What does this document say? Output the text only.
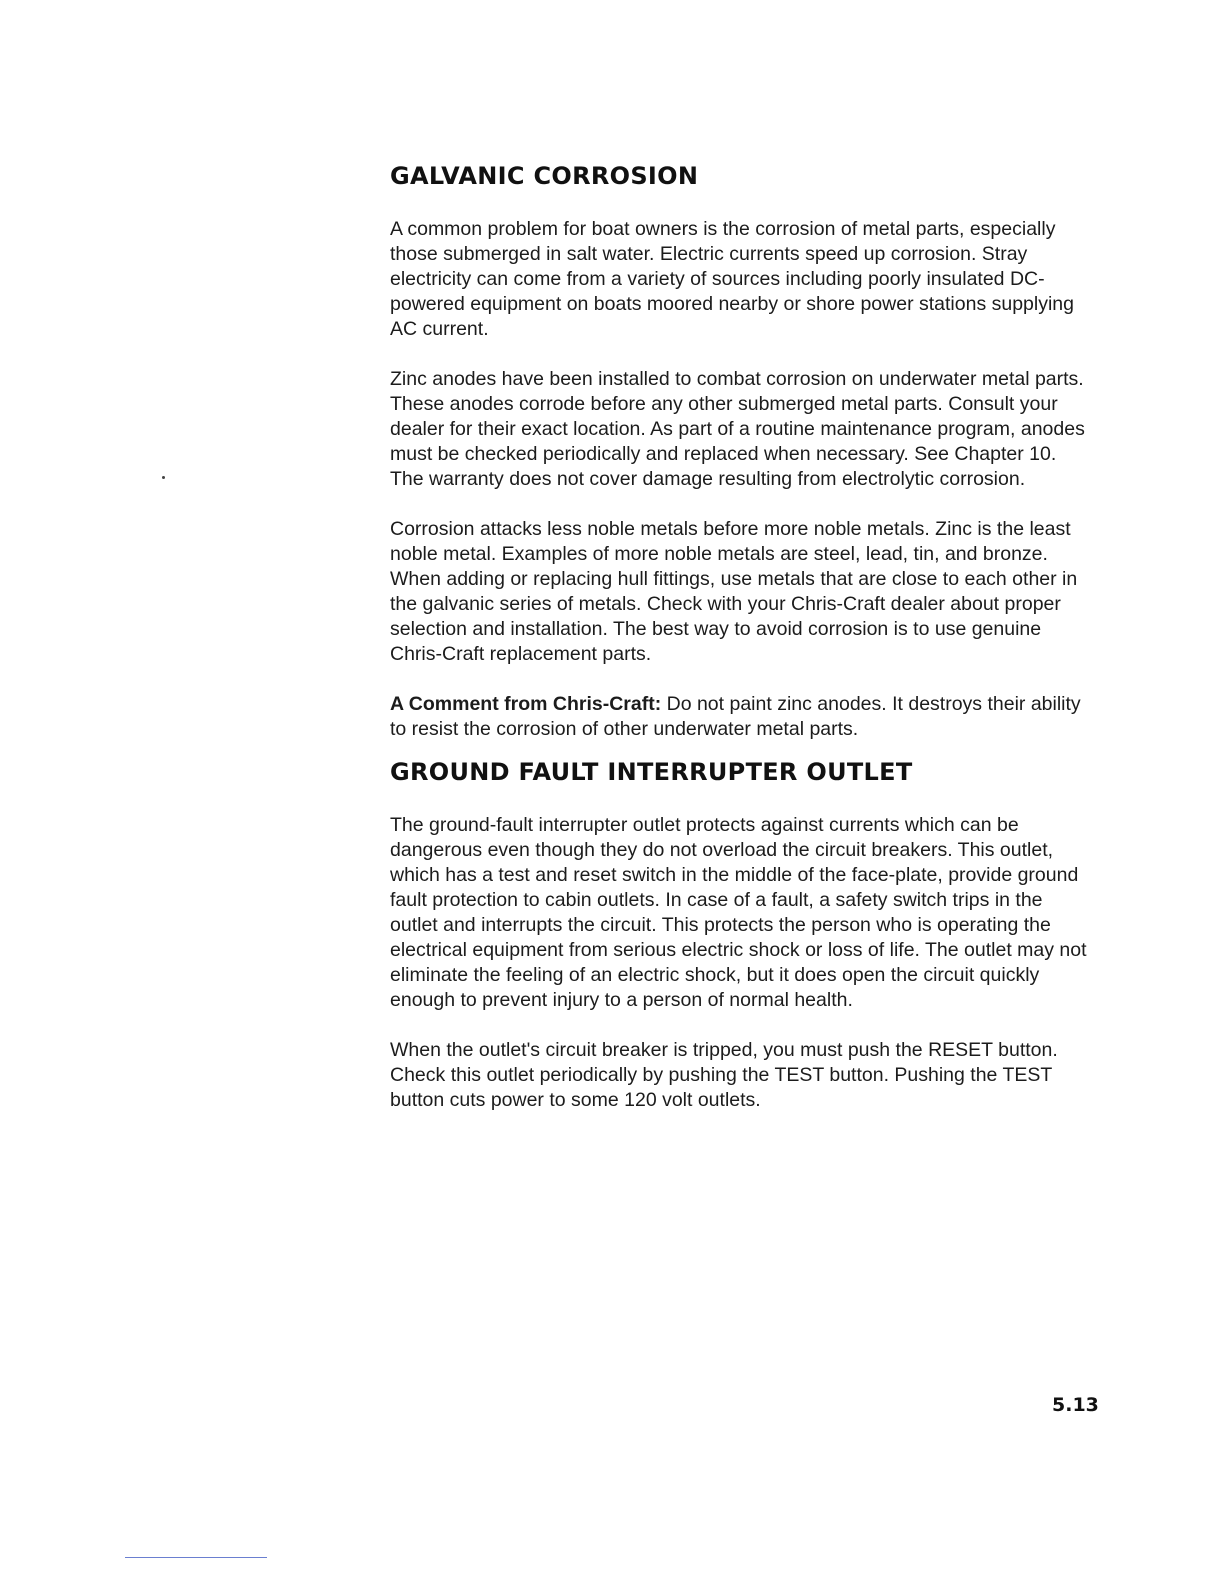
GALVANIC CORROSION

A common problem for boat owners is the corrosion of metal parts, especially those submerged in salt water. Electric currents speed up corrosion. Stray electricity can come from a variety of sources including poorly insulated DC-powered equipment on boats moored nearby or shore power stations supplying AC current.

Zinc anodes have been installed to combat corrosion on underwater metal parts. These anodes corrode before any other submerged metal parts. Consult your dealer for their exact location. As part of a routine maintenance program, anodes must be checked periodically and replaced when necessary. See Chapter 10. The warranty does not cover damage resulting from electrolytic corrosion.

Corrosion attacks less noble metals before more noble metals. Zinc is the least noble metal. Examples of more noble metals are steel, lead, tin, and bronze. When adding or replacing hull fittings, use metals that are close to each other in the galvanic series of metals. Check with your Chris-Craft dealer about proper selection and installation. The best way to avoid corrosion is to use genuine Chris-Craft replacement parts.

A Comment from Chris-Craft: Do not paint zinc anodes. It destroys their ability to resist the corrosion of other underwater metal parts.

GROUND FAULT INTERRUPTER OUTLET

The ground-fault interrupter outlet protects against currents which can be dangerous even though they do not overload the circuit breakers. This outlet, which has a test and reset switch in the middle of the face-plate, provide ground fault protection to cabin outlets. In case of a fault, a safety switch trips in the outlet and interrupts the circuit. This protects the person who is operating the electrical equipment from serious electric shock or loss of life. The outlet may not eliminate the feeling of an electric shock, but it does open the circuit quickly enough to prevent injury to a person of normal health.

When the outlet's circuit breaker is tripped, you must push the RESET button. Check this outlet periodically by pushing the TEST button. Pushing the TEST button cuts power to some 120 volt outlets.

5.13
